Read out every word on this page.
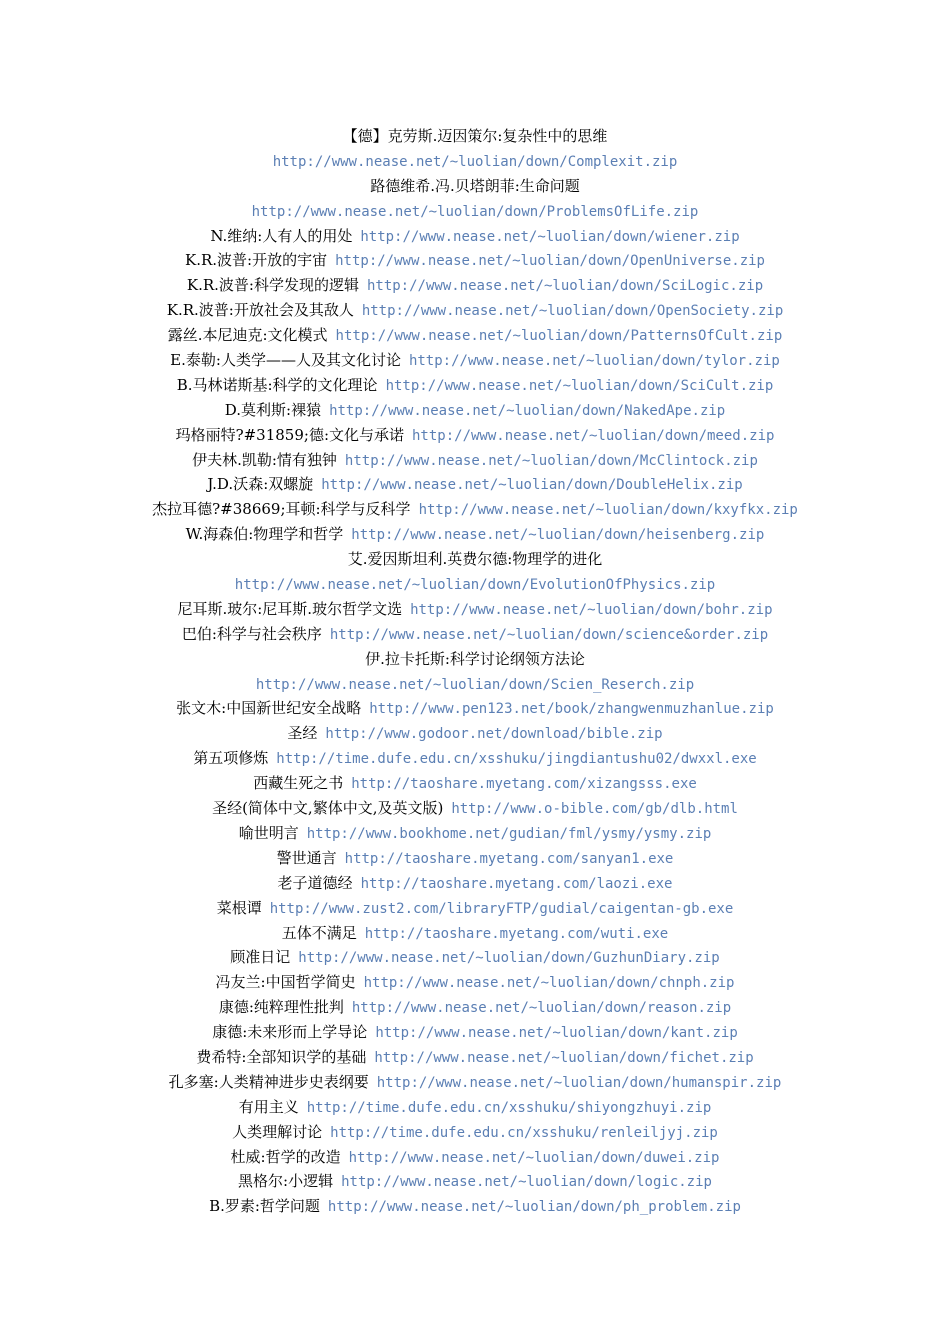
【德】克劳斯.迈因策尔:复杂性中的思维
http://www.nease.net/~luolian/down/Complexit.zip
路德维希.冯.贝塔朗菲:生命问题
http://www.nease.net/~luolian/down/ProblemsOfLife.zip
N.维纳:人有人的用处 http://www.nease.net/~luolian/down/wiener.zip
K.R.波普:开放的宇宙 http://www.nease.net/~luolian/down/OpenUniverse.zip
K.R.波普:科学发现的逻辑 http://www.nease.net/~luolian/down/SciLogic.zip
K.R.波普:开放社会及其敌人 http://www.nease.net/~luolian/down/OpenSociety.zip
露丝.本尼迪克:文化模式 http://www.nease.net/~luolian/down/PatternsOfCult.zip
E.泰勒:人类学——人及其文化讨论 http://www.nease.net/~luolian/down/tylor.zip
B.马林诺斯基:科学的文化理论 http://www.nease.net/~luolian/down/SciCult.zip
D.莫利斯:裸猿 http://www.nease.net/~luolian/down/NakedApe.zip
玛格丽特?#31859;德:文化与承诺 http://www.nease.net/~luolian/down/meed.zip
伊夫林.凯勒:情有独钟 http://www.nease.net/~luolian/down/McClintock.zip
J.D.沃森:双螺旋 http://www.nease.net/~luolian/down/DoubleHelix.zip
杰拉耳德?#38669;耳顿:科学与反科学 http://www.nease.net/~luolian/down/kxyfkx.zip
W.海森伯:物理学和哲学 http://www.nease.net/~luolian/down/heisenberg.zip
艾.爱因斯坦利.英费尔德:物理学的进化
http://www.nease.net/~luolian/down/EvolutionOfPhysics.zip
尼耳斯.玻尔:尼耳斯.玻尔哲学文选 http://www.nease.net/~luolian/down/bohr.zip
巴伯:科学与社会秩序 http://www.nease.net/~luolian/down/science&order.zip
伊.拉卡托斯:科学讨论纲领方法论
http://www.nease.net/~luolian/down/Scien_Reserch.zip
张文木:中国新世纪安全战略 http://www.pen123.net/book/zhangwenmuzhanlue.zip
圣经 http://www.godoor.net/download/bible.zip
第五项修炼 http://time.dufe.edu.cn/xsshuku/jingdiantushu02/dwxxl.exe
西藏生死之书 http://taoshare.myetang.com/xizangsss.exe
圣经(简体中文,繁体中文,及英文版) http://www.o-bible.com/gb/dlb.html
喻世明言 http://www.bookhome.net/gudian/fml/ysmy/ysmy.zip
警世通言 http://taoshare.myetang.com/sanyan1.exe
老子道德经 http://taoshare.myetang.com/laozi.exe
菜根谭 http://www.zust2.com/libraryFTP/gudial/caigentan-gb.exe
五体不满足 http://taoshare.myetang.com/wuti.exe
顾准日记 http://www.nease.net/~luolian/down/GuzhunDiary.zip
冯友兰:中国哲学简史 http://www.nease.net/~luolian/down/chnph.zip
康德:纯粹理性批判 http://www.nease.net/~luolian/down/reason.zip
康德:未来形而上学导论 http://www.nease.net/~luolian/down/kant.zip
费希特:全部知识学的基础 http://www.nease.net/~luolian/down/fichet.zip
孔多塞:人类精神进步史表纲要 http://www.nease.net/~luolian/down/humanspir.zip
有用主义 http://time.dufe.edu.cn/xsshuku/shiyongzhuyi.zip
人类理解讨论 http://time.dufe.edu.cn/xsshuku/renleiljyj.zip
杜威:哲学的改造 http://www.nease.net/~luolian/down/duwei.zip
黑格尔:小逻辑 http://www.nease.net/~luolian/down/logic.zip
B.罗素:哲学问题 http://www.nease.net/~luolian/down/ph_problem.zip
